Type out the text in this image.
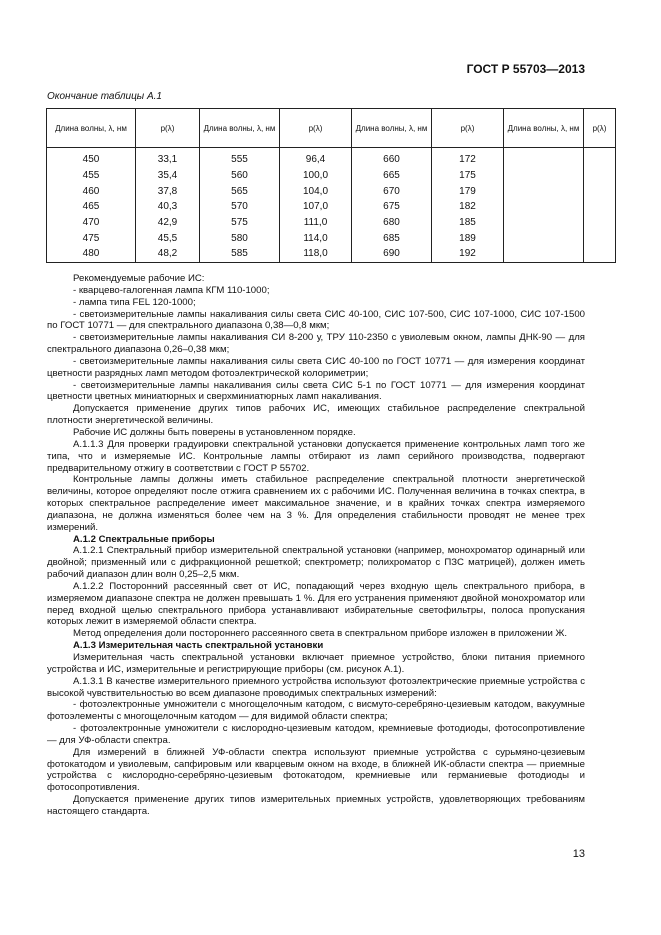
ГОСТ Р 55703—2013
Окончание таблицы А.1
Длина волны, λ, нм	p(λ)	Длина волны, λ, нм	p(λ)	Длина волны, λ, нм	p(λ)	Длина волны, λ, нм	p(λ)
450	33,1	555	96,4	660	172		
455	35,4	560	100,0	665	175		
460	37,8	565	104,0	670	179		
465	40,3	570	107,0	675	182		
470	42,9	575	111,0	680	185		
475	45,5	580	114,0	685	189		
480	48,2	585	118,0	690	192		

Рекомендуемые рабочие ИС:

- кварцево-галогенная лампа КГМ 110-1000;

- лампа типа FEL 120-1000;

- светоизмерительные лампы накаливания силы света СИС 40-100, СИС 107-500, СИС 107-1000, СИС 107-1500 по ГОСТ 10771 — для спектрального диапазона 0,38—0,8 мкм;

- светоизмерительные лампы накаливания СИ 8-200 у, ТРУ 110-2350 с увиолевым окном, лампы ДНК-90 — для спектрального диапазона 0,26–0,38 мкм;

- светоизмерительные лампы накаливания силы света СИС 40-100 по ГОСТ 10771 — для измерения координат цветности разрядных ламп методом фотоэлектрической колориметрии;

- светоизмерительные лампы накаливания силы света СИС 5-1 по ГОСТ 10771 — для измерения координат цветности цветных миниатюрных и сверхминиатюрных ламп накаливания.

Допускается применение других типов рабочих ИС, имеющих стабильное распределение спектральной плотности энергетической величины.

Рабочие ИС должны быть поверены в установленном порядке.

А.1.1.3 Для проверки градуировки спектральной установки допускается применение контрольных ламп того же типа, что и измеряемые ИС. Контрольные лампы отбирают из ламп серийного производства, подвергают предварительному отжигу в соответствии с ГОСТ Р 55702.

Контрольные лампы должны иметь стабильное распределение спектральной плотности энергетической величины, которое определяют после отжига сравнением их с рабочими ИС. Полученная величина в точках спектра, в которых спектральное распределение имеет максимальное значение, и в крайних точках спектра измеряемого диапазона, не должна изменяться более чем на 3 %. Для определения стабильности проводят не менее трех измерений.

А.1.2 Спектральные приборы

А.1.2.1 Спектральный прибор измерительной спектральной установки (например, монохроматор одинарный или двойной; призменный или с дифракционной решеткой; спектрометр; полихроматор с ПЗС матрицей), должен иметь рабочий диапазон длин волн 0,25–2,5 мкм.

А.1.2.2 Посторонний рассеянный свет от ИС, попадающий через входную щель спектрального прибора, в измеряемом диапазоне спектра не должен превышать 1 %. Для его устранения применяют двойной монохроматор или перед входной щелью спектрального прибора устанавливают избирательные светофильтры, полоса пропускания которых лежит в измеряемой области спектра.

Метод определения доли постороннего рассеянного света в спектральном приборе изложен в приложении Ж.

А.1.3 Измерительная часть спектральной установки

Измерительная часть спектральной установки включает приемное устройство, блоки питания приемного устройства и ИС, измерительные и регистрирующие приборы (см. рисунок А.1).

А.1.3.1 В качестве измерительного приемного устройства используют фотоэлектрические приемные устройства с высокой чувствительностью во всем диапазоне проводимых спектральных измерений:

- фотоэлектронные умножители с многощелочным катодом, с висмуто-серебряно-цезиевым катодом, вакуумные фотоэлементы с многощелочным катодом — для видимой области спектра;

- фотоэлектронные умножители с кислородно-цезиевым катодом, кремниевые фотодиоды, фотосопротивление — для УФ-области спектра.

Для измерений в ближней УФ-области спектра используют приемные устройства с сурьмяно-цезиевым фотокатодом и увиолевым, сапфировым или кварцевым окном на входе, в ближней ИК-области спектра — приемные устройства с кислородно-серебряно-цезиевым фотокатодом, кремниевые или германиевые фотодиоды и фотосопротивления.

Допускается применение других типов измерительных приемных устройств, удовлетворяющих требованиям настоящего стандарта.

13
